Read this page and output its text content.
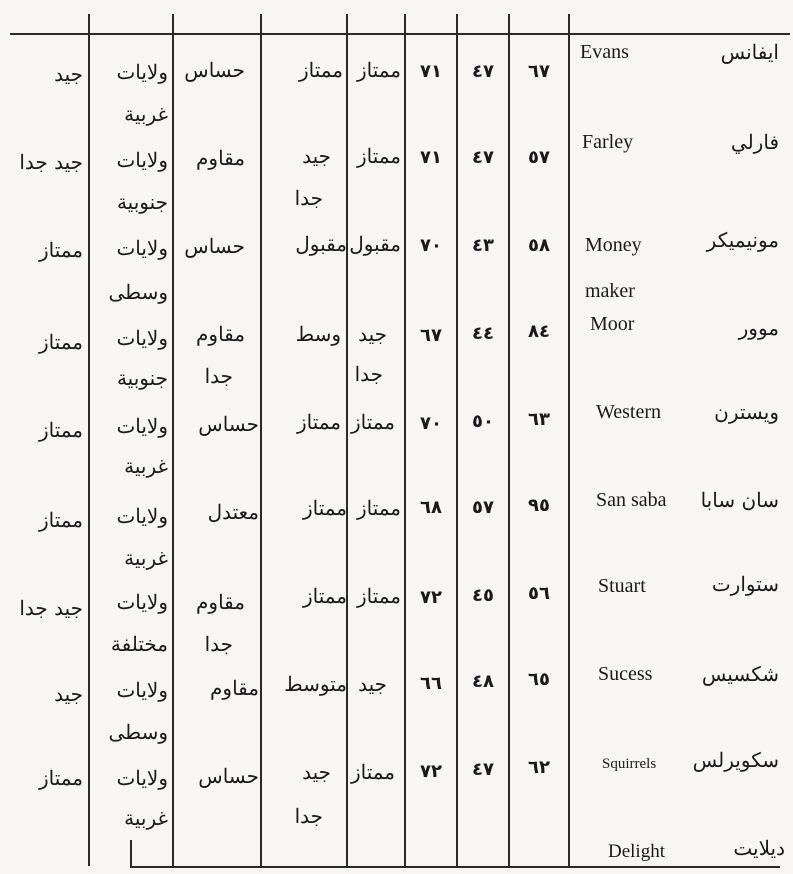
ايفانس
Evans
٦٧
٤٧
٧١
ممتاز
ممتاز
حساس
ولايات
جيد
غربية
فارلي
Farley
٥٧
٤٧
٧١
ممتاز
جيد
جدا
مقاوم
ولايات
جيد جدا
جنوبية
مونيميكر
Money maker
٥٨
٤٣
٧٠
مقبول
مقبول
حساس
ولايات
ممتاز
وسطى
موور
Moor
٨٤
٤٤
٦٧
جيد
جدا
وسط
مقاوم
جدا
ولايات
ممتاز
جنوبية
ويسترن
Western
٦٣
٥٠
٧٠
ممتاز
ممتاز
حساس
ولايات
ممتاز
غربية
سان سابا
San saba
٩٥
٥٧
٦٨
ممتاز
ممتاز
معتدل
ولايات
ممتاز
غربية
ستوارت
Stuart
٥٦
٤٥
٧٢
ممتاز
ممتاز
مقاوم
جدا
ولايات
جيد جدا
مختلفة
شكسيس
Sucess
٦٥
٤٨
٦٦
جيد
متوسط
مقاوم
ولايات
جيد
وسطى
سكويرلس
Squirrels
٦٢
٤٧
٧٢
ممتاز
جيد
جدا
حساس
ولايات
ممتاز
غربية
ديلايت
Delight
